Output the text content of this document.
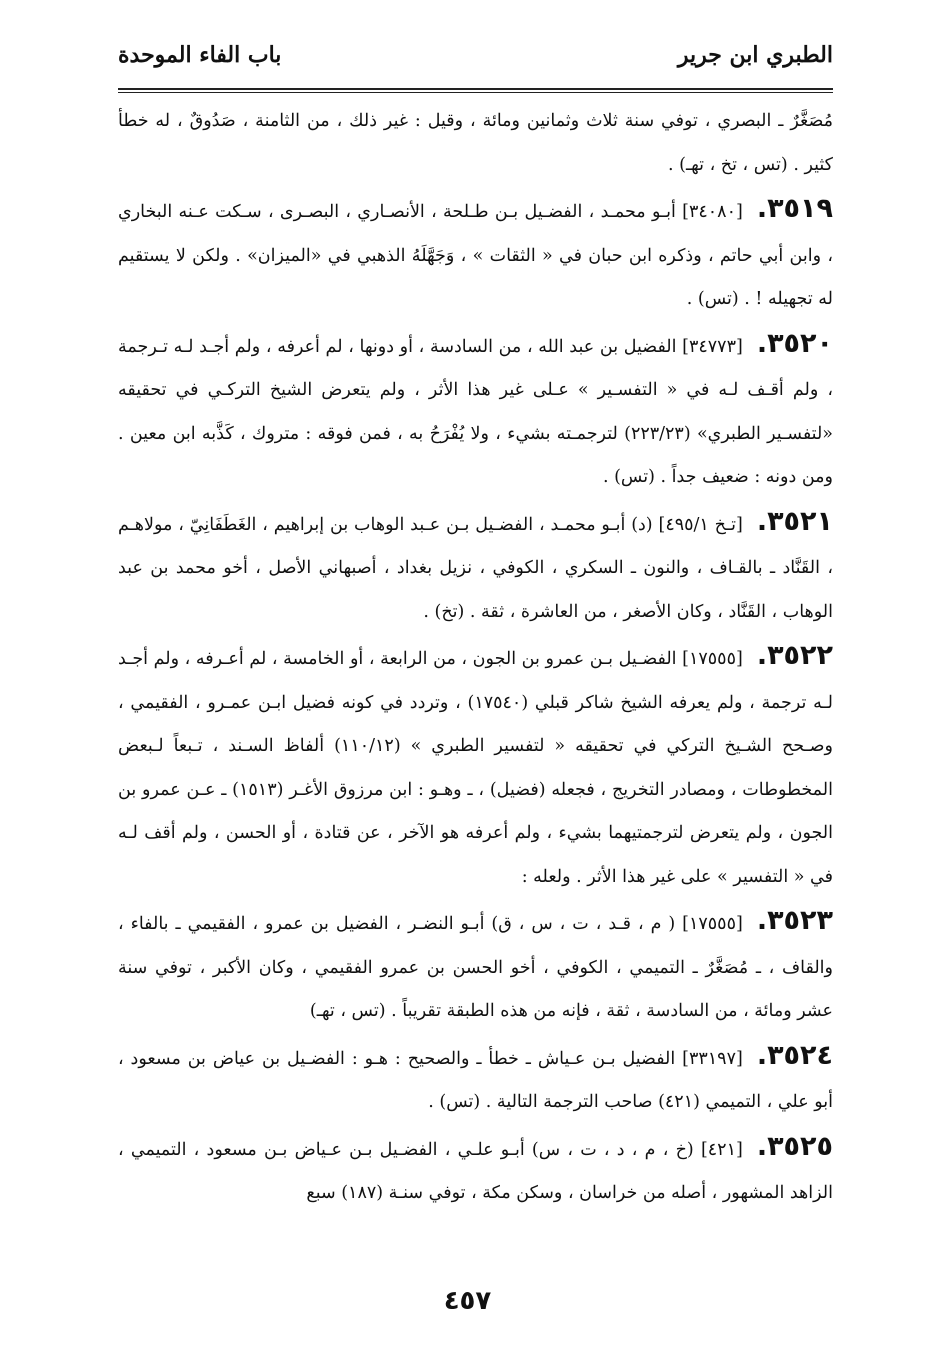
الطبري ابن جرير
باب الفاء الموحدة

مُصَغَّرٌ ـ البصري ، توفي سنة ثلاث وثمانين ومائة ، وقيل : غير ذلك ، من الثامنة ، صَدُوقٌ ، له خطأ كثير . (تس ، تخ ، تهـ) .

٣٥١٩.[٣٤٠٨٠] أبـو محمـد ، الفضـيل بـن طـلحة ، الأنصـاري ، البصـرى ، سـكت عـنه البخاري ، وابن أبي حاتم ، وذكره ابن حبان في « الثقات » ، وَجَهَّلَهُ الذهبي في «الميزان» . ولكن لا يستقيم له تجهيله ! . (تس) .

٣٥٢٠.[٣٤٧٧٣] الفضيل بن عبد الله ، من السادسة ، أو دونها ، لم أعرفه ، ولم أجـد لـه تـرجمة ، ولم أقـف لـه في « التفسـير » عـلى غير هذا الأثر ، ولم يتعرض الشيخ التركـي في تحقيقه «لتفسـير الطبري» (٢٢٣/٢٣) لترجمـته بشيء ، ولا يُفْرَحُ به ، فمن فوقه : متروك ، كَذَّبه ابن معين . ومن دونه : ضعيف جداً . (تس) .

٣٥٢١.[تـخ ٤٩٥/١] (د) أبـو محمـد ، الفضـيل بـن عـبد الوهاب بن إبراهيم ، الغَطَفَانِيّ ، مولاهـم ، القَنَّاد ـ بالقـاف ، والنون ـ السكري ، الكوفي ، نزيل بغداد ، أصبهاني الأصل ، أخو محمد بن عبد الوهاب ، القَنَّاد ، وكان الأصغر ، من العاشرة ، ثقة . (تخ) .

٣٥٢٢.[١٧٥٥٥] الفضـيل بـن عمرو بن الجون ، من الرابعة ، أو الخامسة ، لم أعـرفه ، ولم أجـد لـه ترجمة ، ولم يعرفه الشيخ شاكر قبلي (١٧٥٤٠) ، وتردد في كونه فضيل ابـن عمـرو ، الفقيمي ، وصـحح الشـيخ التركي في تحقيقه « لتفسير الطبري » (١١٠/١٢) ألفاظ السـند ، تـبعاً لـبعض المخطوطات ، ومصادر التخريج ، فجعله (فضيل) ، ـ وهـو : ابن مرزوق الأغـر (١٥١٣) ـ عـن عمرو بن الجون ، ولم يتعرض لترجمتيهما بشيء ، ولم أعرفه هو الآخر ، عن قتادة ، أو الحسن ، ولم أقف لـه في « التفسير » على غير هذا الأثر . ولعله :

٣٥٢٣.[١٧٥٥٥] ( م ، قـد ، ت ، س ، ق) أبـو النضـر ، الفضيل بن عمرو ، الفقيمي ـ بالفاء ، والقاف ، ـ مُصَغَّرٌ ـ التميمي ، الكوفي ، أخو الحسن بن عمرو الفقيمي ، وكان الأكبر ، توفي سنة عشر ومائة ، من السادسة ، ثقة ، فإنه من هذه الطبقة تقريباً . (تس ، تهـ)

٣٥٢٤.[٣٣١٩٧] الفضيل بـن عـياش ـ خطأ ـ والصحيح : هـو : الفضـيل بن عياض بن مسعود ، أبو علي ، التميمي (٤٢١) صاحب الترجمة التالية . (تس) .

٣٥٢٥.[٤٢١] (خ ، م ، د ، ت ، س) أبـو علـي ، الفضـيل بـن عـياض بـن مسعود ، التميمي ، الزاهد المشهور ، أصله من خراسان ، وسكن مكة ، توفي سنـة (١٨٧) سبع

٤٥٧
